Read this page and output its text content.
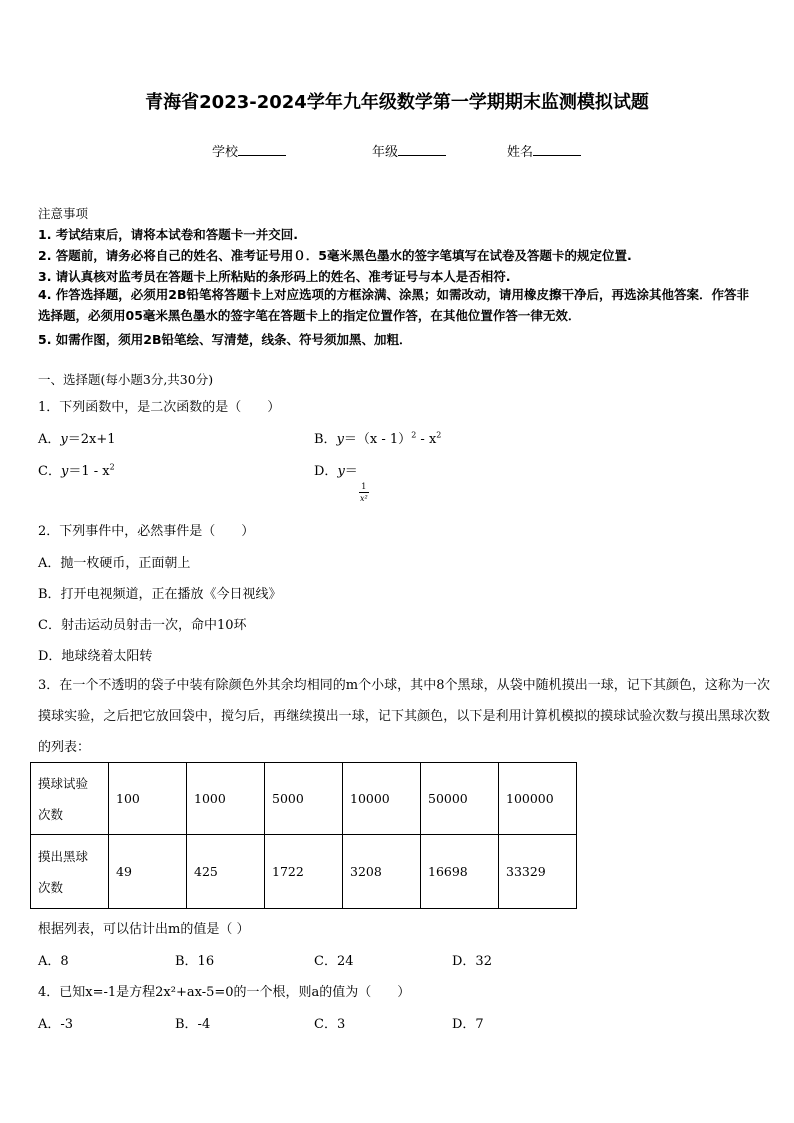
青海省2023-2024学年九年级数学第一学期期末监测模拟试题
学校	年级	姓名
注意事项
1. 考试结束后，请将本试卷和答题卡一并交回.
2. 答题前，请务必将自己的姓名、准考证号用０．5毫米黑色墨水的签字笔填写在试卷及答题卡的规定位置.
3. 请认真核对监考员在答题卡上所粘贴的条形码上的姓名、准考证号与本人是否相符.
4. 作答选择题，必须用2B铅笔将答题卡上对应选项的方框涂满、涂黑；如需改动，请用橡皮擦干净后，再选涂其他答案．作答非选择题，必须用05毫米黑色墨水的签字笔在答题卡上的指定位置作答，在其他位置作答一律无效．
5. 如需作图，须用2B铅笔绘、写清楚，线条、符号须加黑、加粗．
一、选择题(每小题3分,共30分)
1．下列函数中，是二次函数的是（　　）
A．y＝2x+1	B．$y=(x - 1)^2 - x^2$
C．$y=1 - x^2$	D．y＝
$\frac{1}{\text{x²}}$
2．下列事件中，必然事件是（　　）
A．抛一枚硬币，正面朝上
B．打开电视频道，正在播放《今日视线》
C．射击运动员射击一次，命中10环
D．地球绕着太阳转
3．在一个不透明的袋子中装有除颜色外其余均相同的m个小球，其中8个黑球，从袋中随机摸出一球，记下其颜色，这称为一次摸球实验，之后把它放回袋中，搅匀后，再继续摸出一球，记下其颜色，以下是利用计算机模拟的摸球试验次数与摸出黑球次数的列表：
摸球试验
次数	100	1000	5000	10000	50000	100000
摸出黑球
次数	49	425	1722	3208	16698	33329
根据列表，可以估计出m的值是（ ）
A．8	B．16	C．24	D．32
4．已知x=-1是方程2x²+ax-5=0的一个根，则a的值为（　　）
A．-3	B．-4	C．3	D．7
